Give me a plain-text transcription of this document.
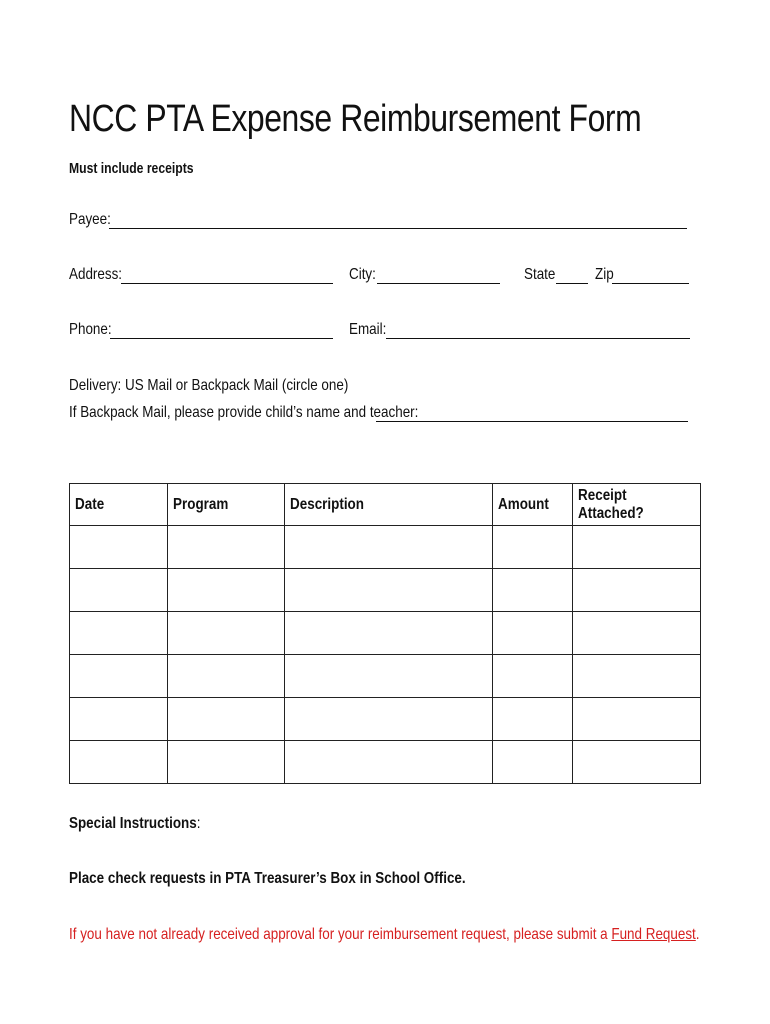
NCC PTA Expense Reimbursement Form
Must include receipts
Payee:
Address:	City:	State Zip
Phone:	Email:
Delivery: US Mail or Backpack Mail (circle one)
If Backpack Mail, please provide child’s name and teacher:
Date	Program	Description	Amount	Receipt Attached?

Special Instructions:
Place check requests in PTA Treasurer’s Box in School Office.
If you have not already received approval for your reimbursement request, please submit a Fund Request.
